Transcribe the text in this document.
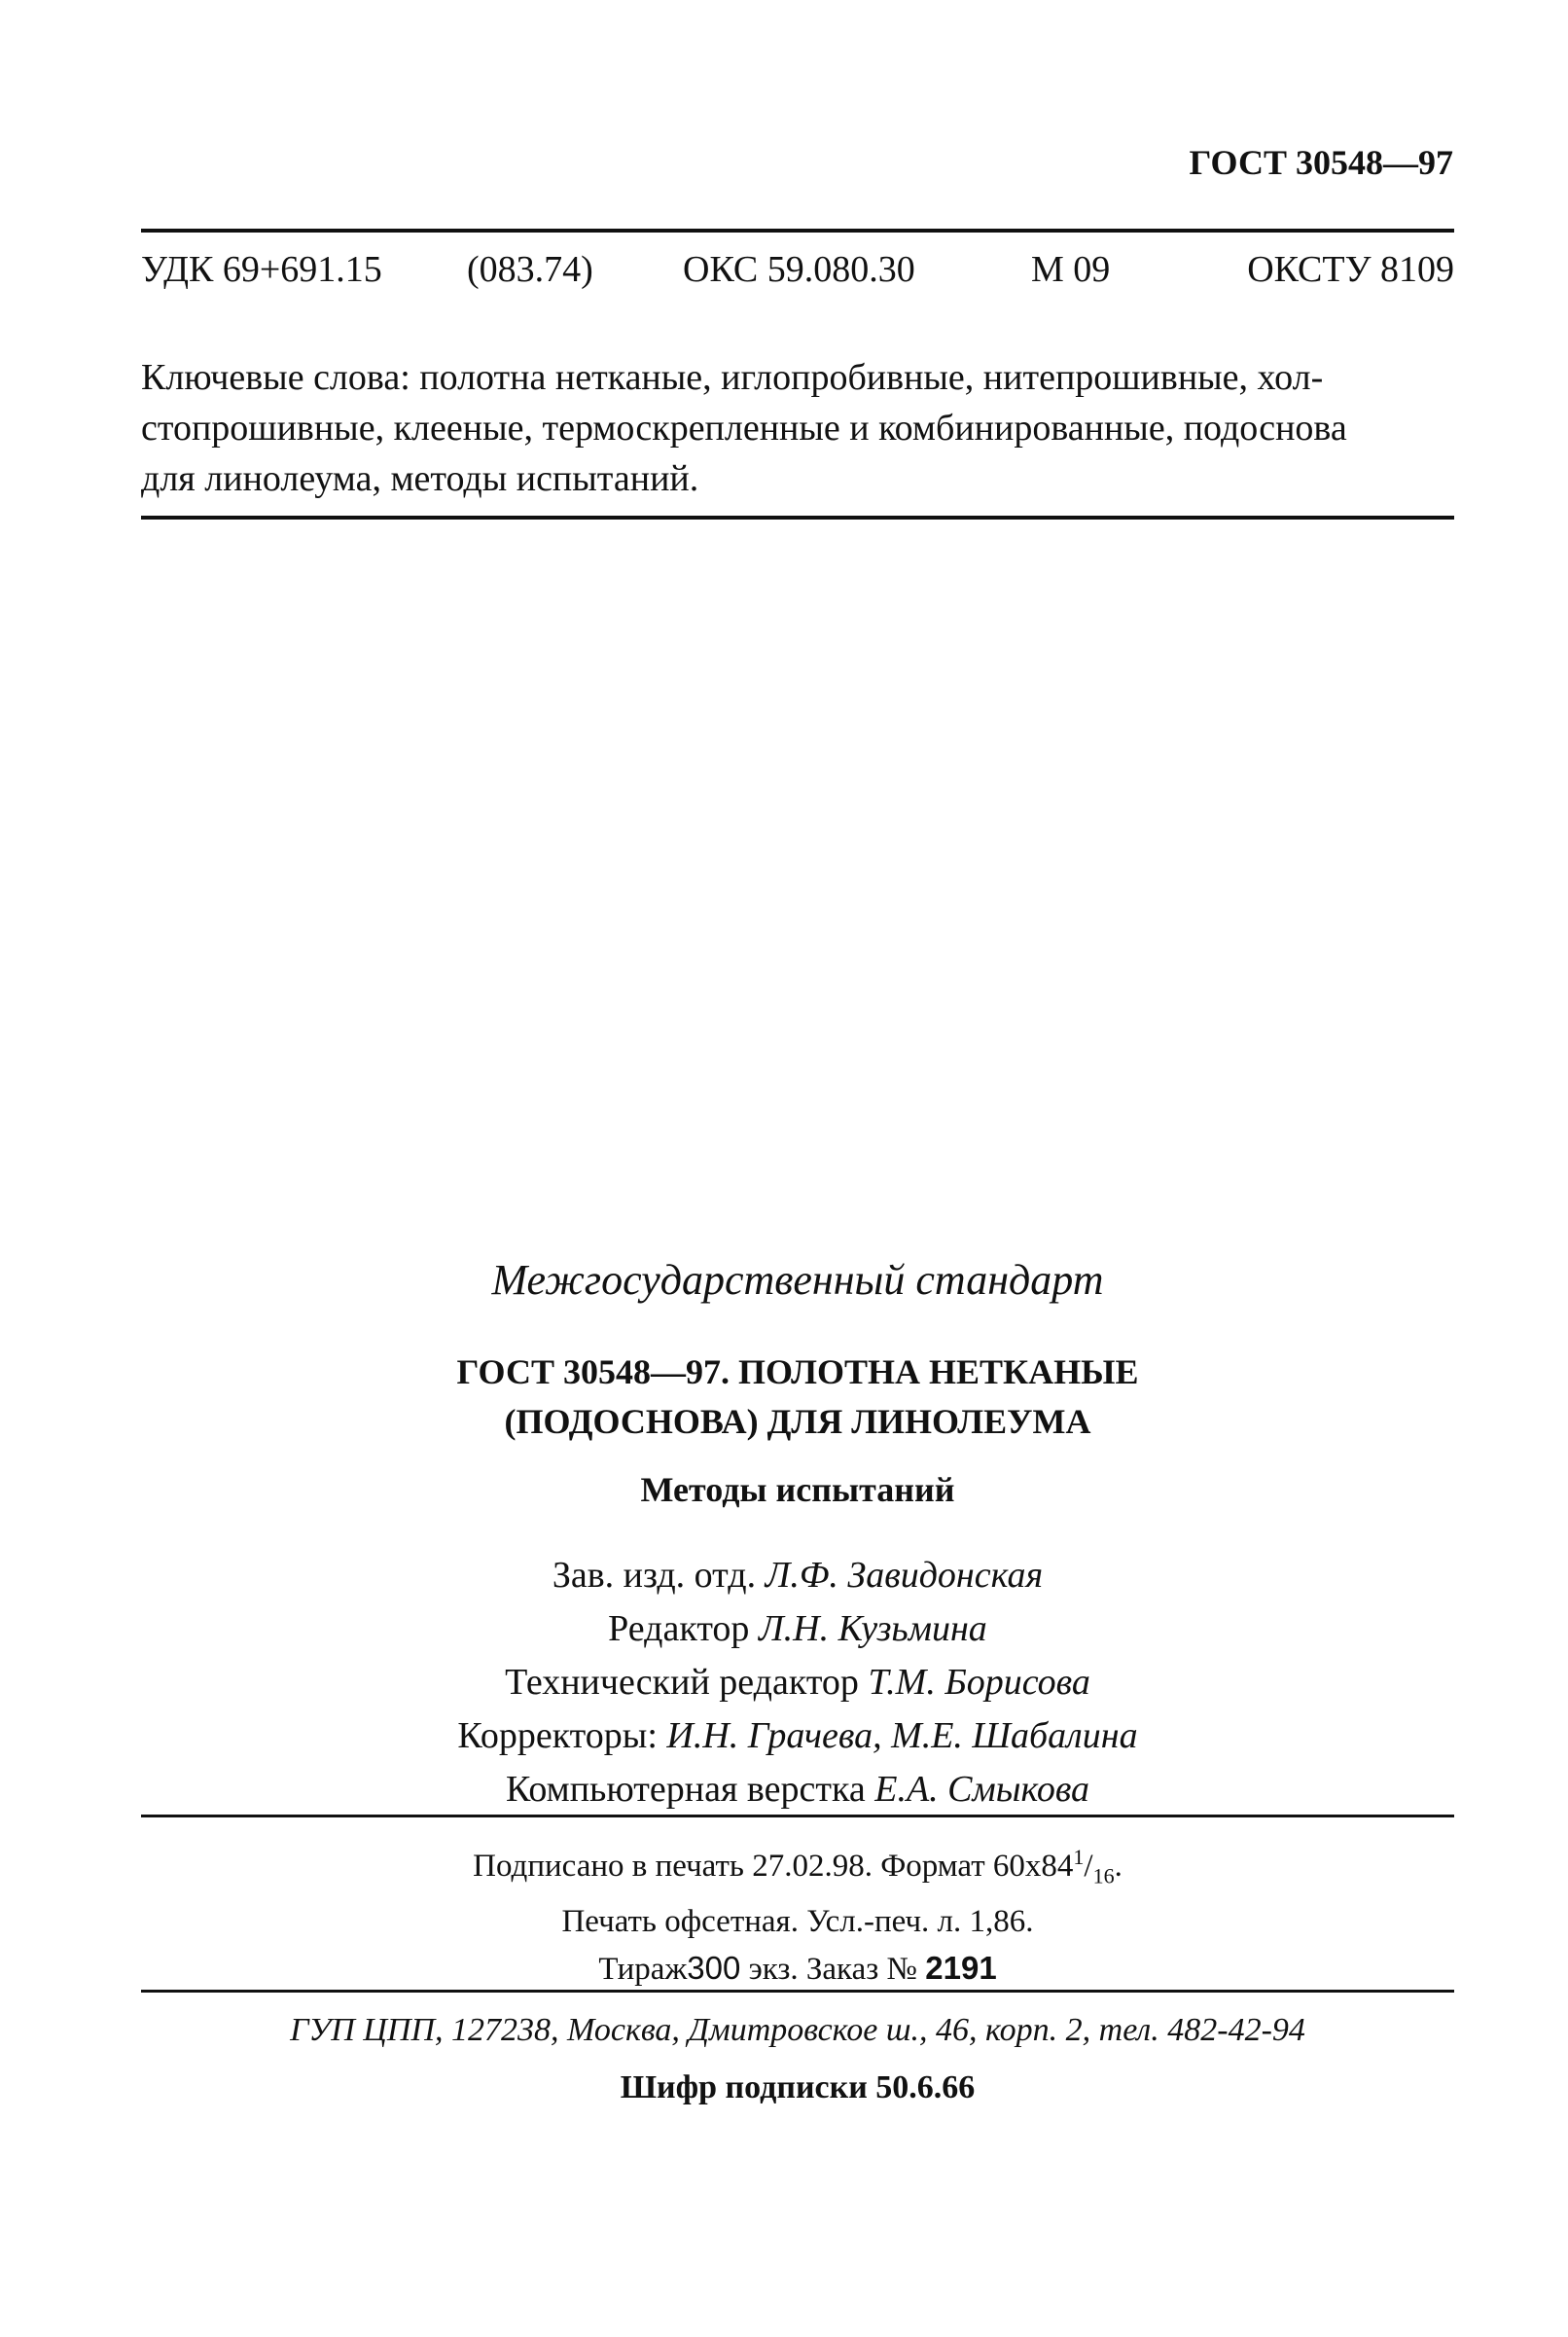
ГОСТ 30548—97
УДК 69+691.15 (083.74) ОКС 59.080.30	М 09	ОКСТУ 8109
Ключевые слова: полотна нетканые, иглопробивные, нитепрошивные, хол-
стопрошивные, клееные, термоскрепленные и комбинированные, подоснова
для линолеума, методы испытаний.
Межгосударственный стандарт
ГОСТ 30548—97. ПОЛОТНА НЕТКАНЫЕ
(ПОДОСНОВА) ДЛЯ ЛИНОЛЕУМА
Методы испытаний
Зав. изд. отд. Л.Ф. Завидонская
Редактор Л.Н. Кузьмина
Технический редактор Т.М. Борисова
Корректоры: И.Н. Грачева, М.Е. Шабалина
Компьютерная верстка Е.А. Смыкова
Подписано в печать 27.02.98. Формат $60х84^1/_{16}$.
Печать офсетная. Усл.-печ. л. 1,86.
Тираж300 экз. Заказ № 2191
ГУП ЦПП, 127238, Москва, Дмитровское ш., 46, корп. 2, тел. 482-42-94
Шифр подписки 50.6.66
